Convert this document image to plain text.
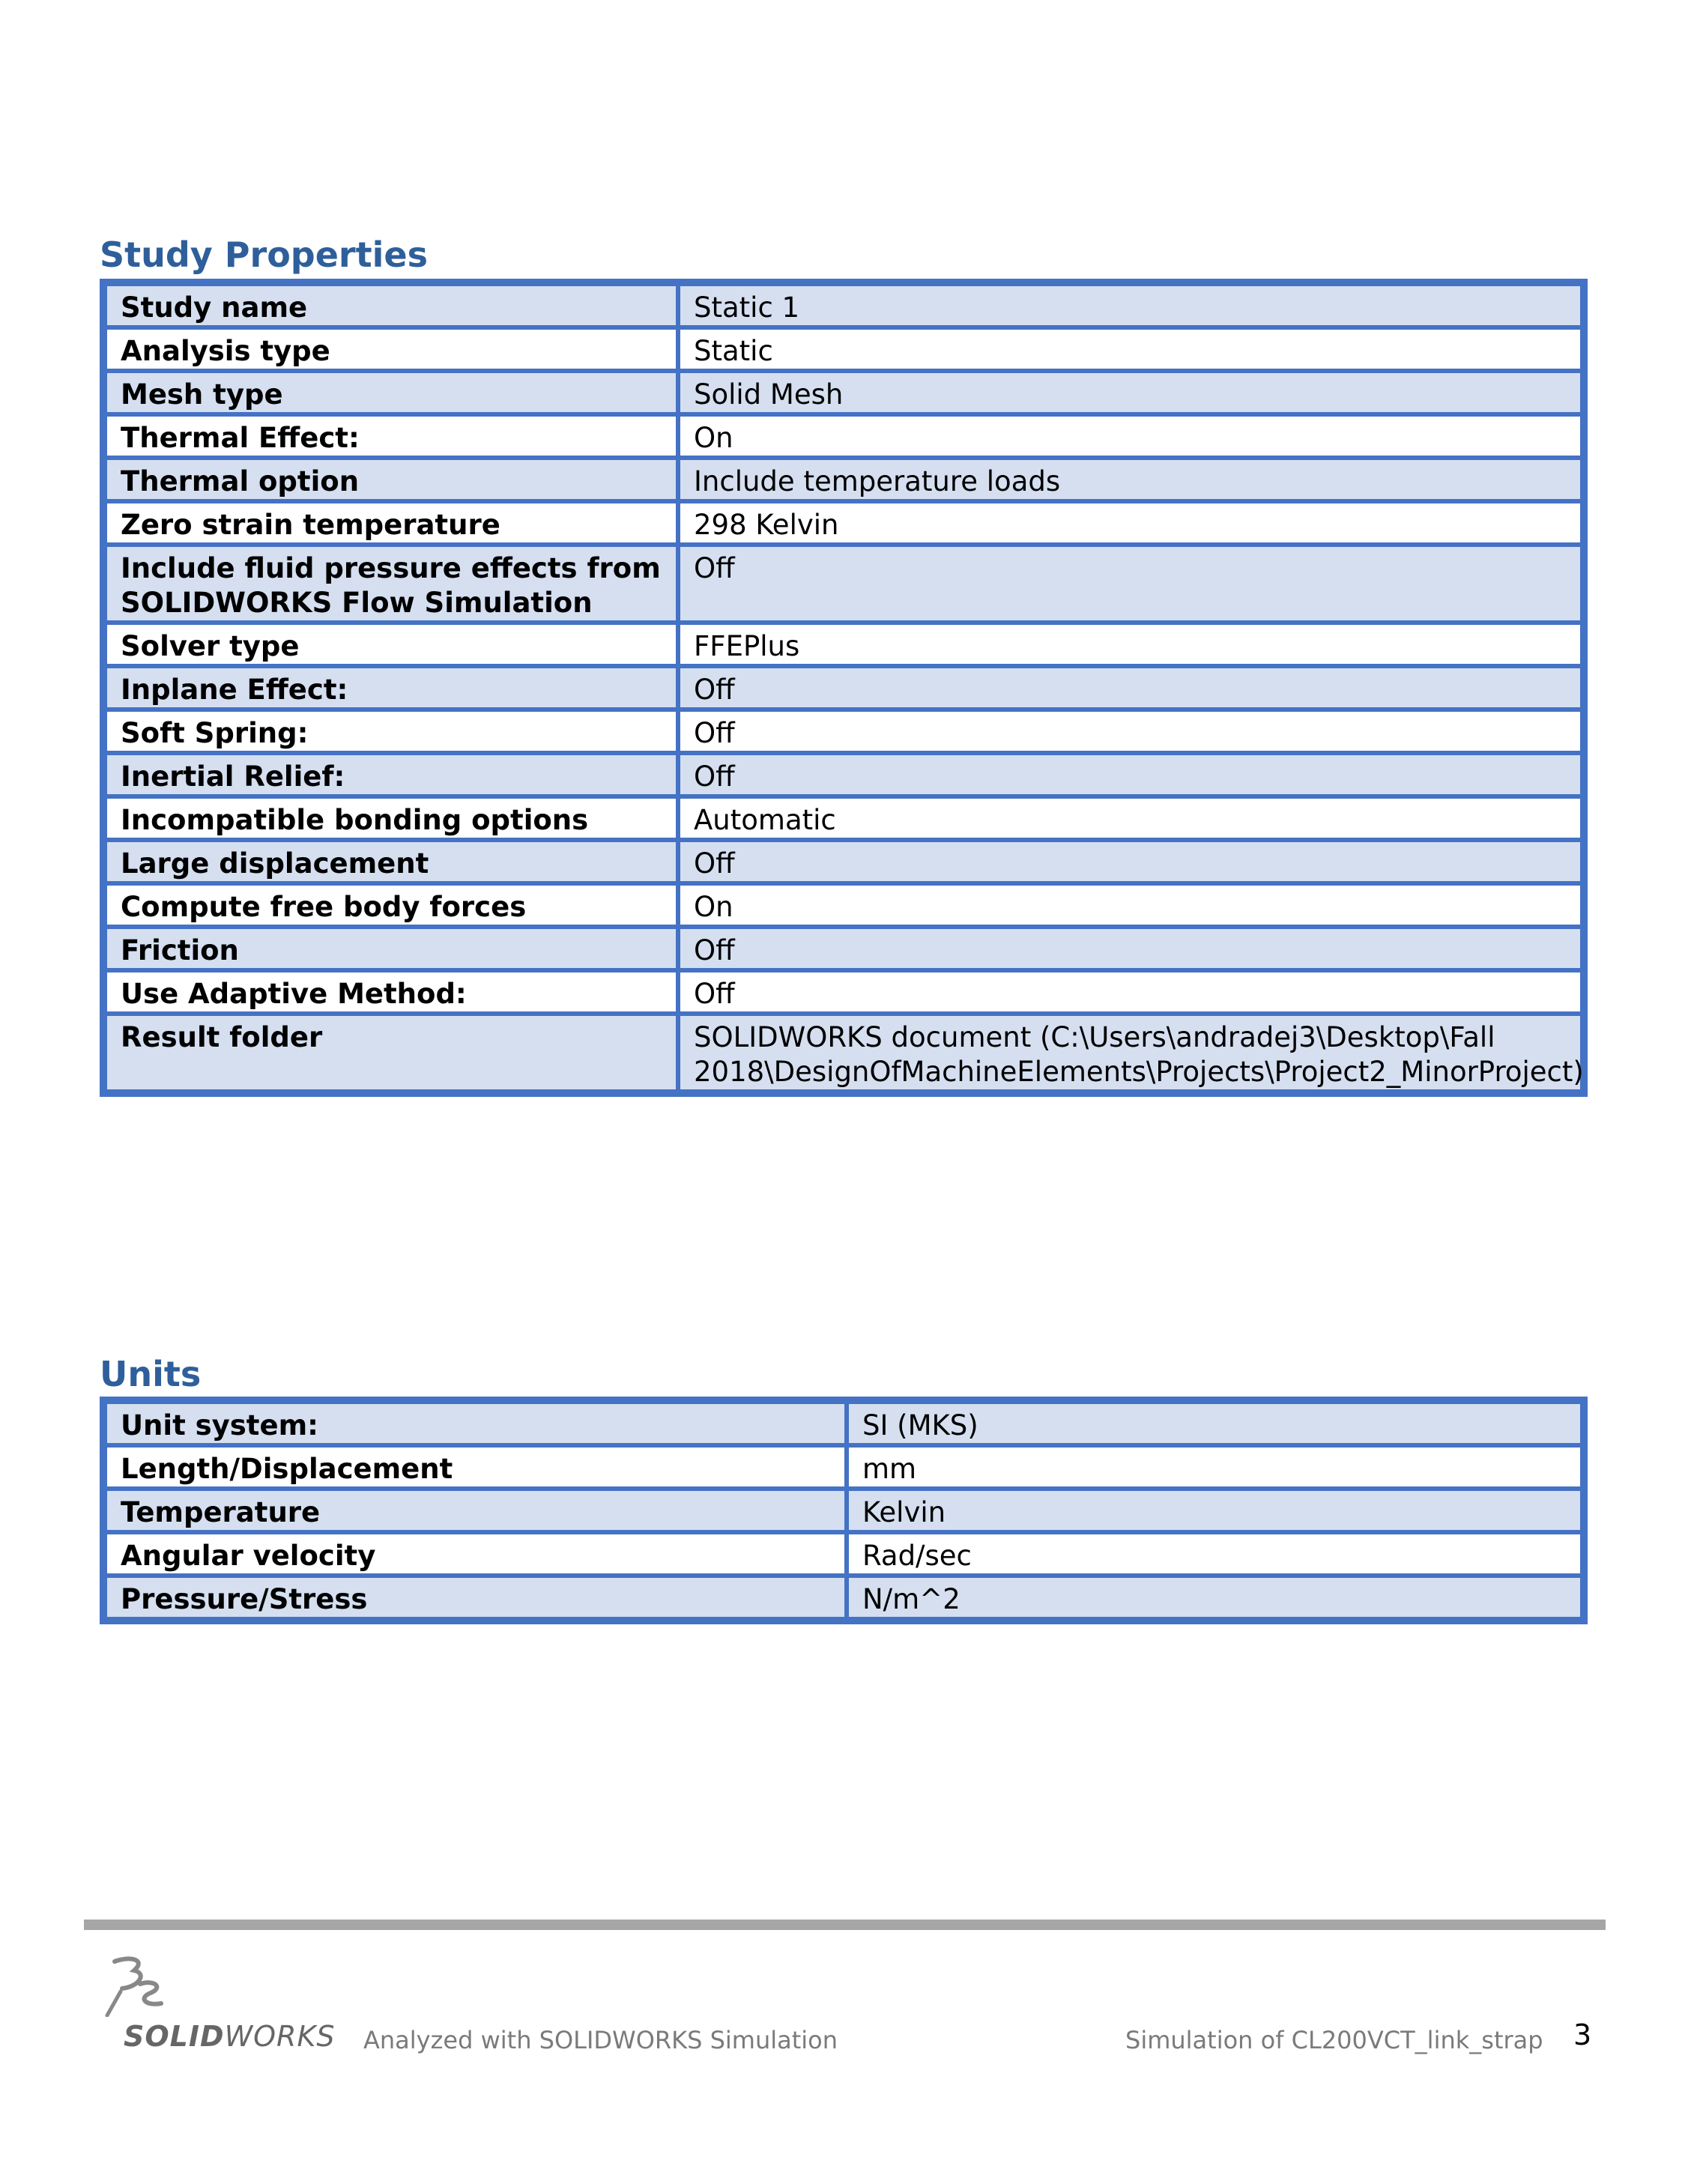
Study Properties
Study name	Static 1
Analysis type	Static
Mesh type	Solid Mesh
Thermal Effect:	On
Thermal option	Include temperature loads
Zero strain temperature	298 Kelvin
Include fluid pressure effects from SOLIDWORKS Flow Simulation	Off
Solver type	FFEPlus
Inplane Effect:	Off
Soft Spring:	Off
Inertial Relief:	Off
Incompatible bonding options	Automatic
Large displacement	Off
Compute free body forces	On
Friction	Off
Use Adaptive Method:	Off
Result folder	SOLIDWORKS document (C:\Users\andradej3\Desktop\Fall 2018\DesignOfMachineElements\Projects\Project2_MinorProject)
Units
Unit system:	SI (MKS)
Length/Displacement	mm
Temperature	Kelvin
Angular velocity	Rad/sec
Pressure/Stress	N/m^2
SOLIDWORKS Analyzed with SOLIDWORKS Simulation	Simulation of CL200VCT_link_strap 3
